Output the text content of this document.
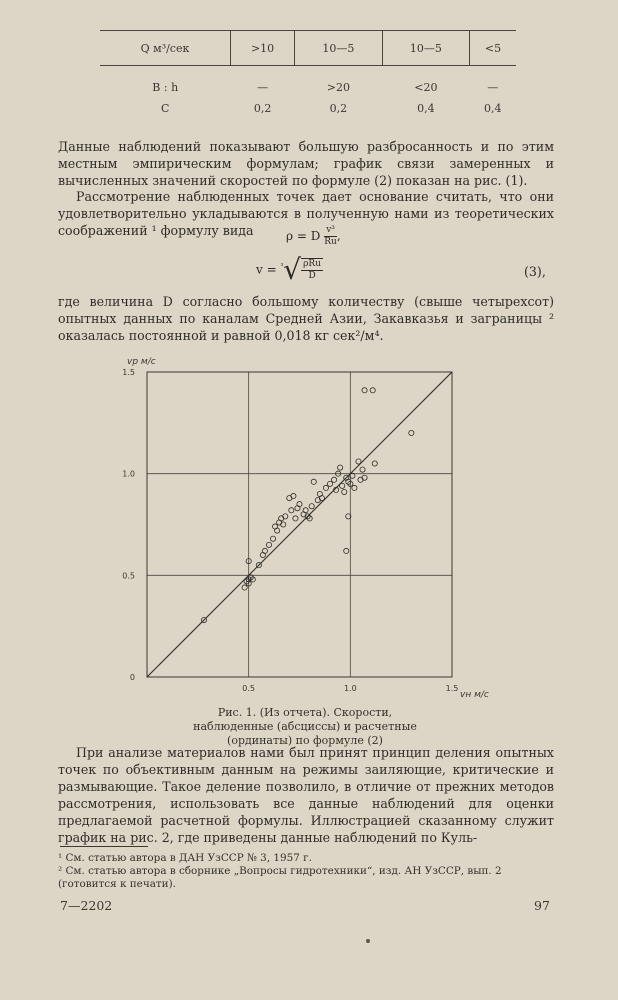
Q м³/сек	>10	10—5	10—5	<5
B : h	—	>20	<20	—
C	0,2	0,2	0,4	0,4

Данные наблюдений показывают большую разбросанность и по этим местным эмпирическим формулам; график связи замеренных и вычисленных значений скоростей по формуле (2) показан на рис. (1).

Рассмотрение наблюденных точек дает основание считать, что они удовлетворительно укладываются в полученную нами из теоретических соображений ¹ формулу вида	ρ = D $\frac{\text{v³}}{Ru}$ ,
$v = ^{^3}√ \frac{\text{ρRu}}{D}$	(3),

где величина D согласно большому количеству (свыше четырехсот) опытных данных по каналам Средней Азии, Закавказья и заграницы ² оказалась постоянной и равной 0,018 кг сек²/м⁴.

0.5	1.0	1.5
0
0.5
1.0
1.5
vр м/с
vн м/с
Рис. 1. (Из отчета). Скорости, наблюденные (абсциссы) и расчетные (ординаты) по формуле (2)

При анализе материалов нами был принят принцип деления опытных точек по объективным данным на режимы заиляющие, критические и размывающие. Такое деление позволило, в отличие от прежних методов рассмотрения, использовать все данные наблюдений для оценки предлагаемой расчетной формулы. Иллюстрацией сказанному служит график на рис. 2, где приведены данные наблюдений по Куль-

¹ См. статью автора в ДАН УзССР № 3, 1957 г.
² См. статью автора в сборнике „Вопросы гидротехники“, изд. АН УзССР, вып. 2 (готовится к печати).
7—2202	97
